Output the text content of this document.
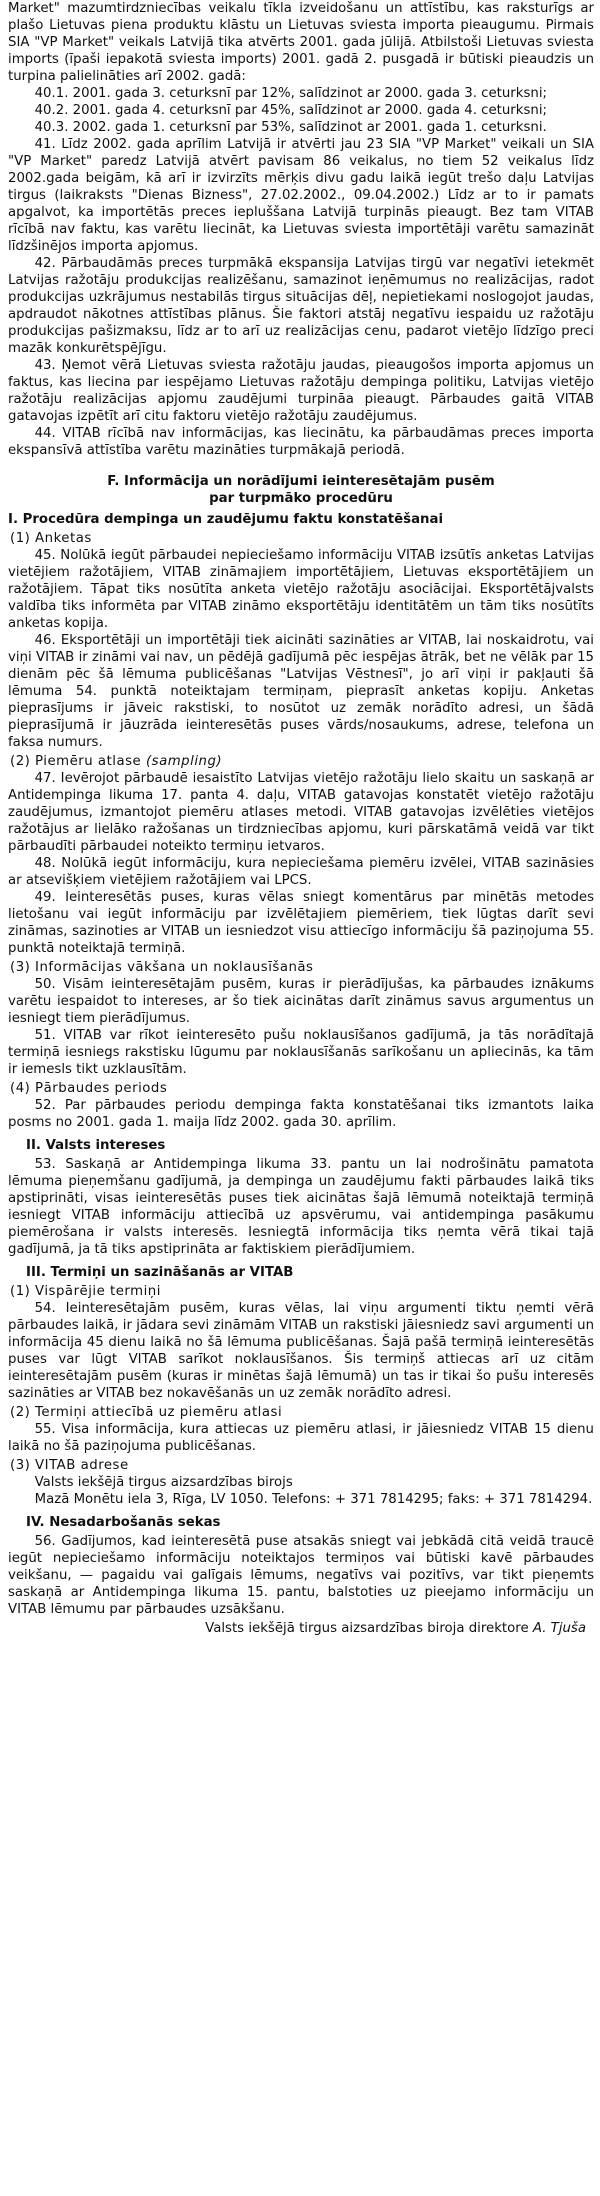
Market" mazumtirdzniecības veikalu tīkla izveidošanu un attīstību, kas raksturīgs ar plašo Lietuvas piena produktu klāstu un Lietuvas sviesta importa pieaugumu. Pirmais SIA "VP Market" veikals Latvijā tika atvērts 2001. gada jūlijā. Atbilstoši Lietuvas sviesta imports (īpaši iepakotā sviesta imports) 2001. gadā 2. pusgadā ir būtiski pieaudzis un turpina palielināties arī 2002. gadā:

40.1. 2001. gada 3. ceturksnī par 12%, salīdzinot ar 2000. gada 3. ceturksni;

40.2. 2001. gada 4. ceturksnī par 45%, salīdzinot ar 2000. gada 4. ceturksni;

40.3. 2002. gada 1. ceturksnī par 53%, salīdzinot ar 2001. gada 1. ceturksni.

41. Līdz 2002. gada aprīlim Latvijā ir atvērti jau 23 SIA "VP Market" veikali un SIA "VP Market" paredz Latvijā atvērt pavisam 86 veikalus, no tiem 52 veikalus līdz 2002.gada beigām, kā arī ir izvirzīts mērķis divu gadu laikā iegūt trešo daļu Latvijas tirgus (laikraksts "Dienas Bizness", 27.02.2002., 09.04.2002.) Līdz ar to ir pamats apgalvot, ka importētās preces iepluššana Latvijā turpinās pieaugt. Bez tam VITAB rīcībā nav faktu, kas varētu liecināt, ka Lietuvas sviesta importētāji varētu samazināt līdzšinējos importa apjomus.

42. Pārbaudāmās preces turpmākā ekspansija Latvijas tirgū var negatīvi ietekmēt Latvijas ražotāju produkcijas realizēšanu, samazinot ieņēmumus no realizācijas, radot produkcijas uzkrājumus nestabilās tirgus situācijas dēļ, nepietiekami noslogojot jaudas, apdraudot nākotnes attīstības plānus. Šie faktori atstāj negatīvu iespaidu uz ražotāju produkcijas pašizmaksu, līdz ar to arī uz realizācijas cenu, padarot vietējo līdzīgo preci mazāk konkurētspējīgu.

43. Ņemot vērā Lietuvas sviesta ražotāju jaudas, pieaugošos importa apjomus un faktus, kas liecina par iespējamo Lietuvas ražotāju dempinga politiku, Latvijas vietējo ražotāju realizācijas apjomu zaudējumi turpināa pieaugt. Pārbaudes gaitā VITAB gatavojas izpētīt arī citu faktoru vietējo ražotāju zaudējumus.

44. VITAB rīcībā nav informācijas, kas liecinātu, ka pārbaudāmas preces importa ekspansīvā attīstība varētu mazināties turpmākajā periodā.

F. Informācija un norādījumi ieinteresētajām pusēm
par turpmāko procedūru
I. Procedūra dempinga un zaudējumu faktu konstatēšanai
(1) Anketas

45. Nolūkā iegūt pārbaudei nepieciešamo informāciju VITAB izsūtīs anketas Latvijas vietējiem ražotājiem, VITAB zināmajiem importētājiem, Lietuvas eksportētājiem un ražotājiem. Tāpat tiks nosūtīta anketa vietējo ražotāju asociācijai. Eksportētājvalsts valdība tiks informēta par VITAB zināmo eksportētāju identitātēm un tām tiks nosūtīts anketas kopija.

46. Eksportētāji un importētāji tiek aicināti sazināties ar VITAB, lai noskaidrotu, vai viņi VITAB ir zināmi vai nav, un pēdējā gadījumā pēc iespējas ātrāk, bet ne vēlāk par 15 dienām pēc šā lēmuma publicēšanas "Latvijas Vēstnesī", jo arī viņi ir pakļauti šā lēmuma 54. punktā noteiktajam termiņam, pieprasīt anketas kopiju. Anketas pieprasījums ir jāveic rakstiski, to nosūtot uz zemāk norādīto adresi, un šādā pieprasījumā ir jāuzrāda ieinteresētās puses vārds/nosaukums, adrese, telefona un faksa numurs.

(2) Piemēru atlase (sampling)

47. Ievērojot pārbaudē iesaistīto Latvijas vietējo ražotāju lielo skaitu un saskaņā ar Antidempinga likuma 17. panta 4. daļu, VITAB gatavojas konstatēt vietējo ražotāju zaudējumus, izmantojot piemēru atlases metodi. VITAB gatavojas izvēlēties vietējos ražotājus ar lielāko ražošanas un tirdzniecības apjomu, kuri pārskatāmā veidā var tikt pārbaudīti pārbaudei noteikto termiņu ietvaros.

48. Nolūkā iegūt informāciju, kura nepieciešama piemēru izvēlei, VITAB sazināsies ar atsevišķiem vietējiem ražotājiem vai LPCS.

49. Ieinteresētās puses, kuras vēlas sniegt komentārus par minētās metodes lietošanu vai iegūt informāciju par izvēlētajiem piemēriem, tiek lūgtas darīt sevi zināmas, sazinoties ar VITAB un iesniedzot visu attiecīgo informāciju šā paziņojuma 55. punktā noteiktajā termiņā.

(3) Informācijas vākšana un noklausīšanās

50. Visām ieinteresētajām pusēm, kuras ir pierādījušas, ka pārbaudes iznākums varētu iespaidot to intereses, ar šo tiek aicinātas darīt zināmus savus argumentus un iesniegt tiem pierādījumus.

51. VITAB var rīkot ieinteresēto pušu noklausīšanos gadījumā, ja tās norādītajā termiņā iesniegs rakstisku lūgumu par noklausīšanās sarīkošanu un apliecinās, ka tām ir iemesls tikt uzklausītām.

(4) Pārbaudes periods

52. Par pārbaudes periodu dempinga fakta konstatēšanai tiks izmantots laika posms no 2001. gada 1. maija līdz 2002. gada 30. aprīlim.

II. Valsts intereses

53. Saskaņā ar Antidempinga likuma 33. pantu un lai nodrošinātu pamatota lēmuma pieņemšanu gadījumā, ja dempinga un zaudējumu fakti pārbaudes laikā tiks apstiprināti, visas ieinteresētās puses tiek aicinātas šajā lēmumā noteiktajā termiņā iesniegt VITAB informāciju attiecībā uz apsvērumu, vai antidempinga pasākumu piemērošana ir valsts interesēs. Iesniegtā informācija tiks ņemta vērā tikai tajā gadījumā, ja tā tiks apstiprināta ar faktiskiem pierādījumiem.

III. Termiņi un sazināšanās ar VITAB
(1) Vispārējie termiņi

54. Ieinteresētajām pusēm, kuras vēlas, lai viņu argumenti tiktu ņemti vērā pārbaudes laikā, ir jādara sevi zināmām VITAB un rakstiski jāiesniedz savi argumenti un informācija 45 dienu laikā no šā lēmuma publicēšanas. Šajā pašā termiņā ieinteresētās puses var lūgt VITAB sarīkot noklausīšanos. Šis termiņš attiecas arī uz citām ieinteresētajām pusēm (kuras ir minētas šajā lēmumā) un tas ir tikai šo pušu interesēs sazināties ar VITAB bez nokavēšanās un uz zemāk norādīto adresi.

(2) Termiņi attiecībā uz piemēru atlasi

55. Visa informācija, kura attiecas uz piemēru atlasi, ir jāiesniedz VITAB 15 dienu laikā no šā paziņojuma publicēšanas.

(3) VITAB adrese

Valsts iekšējā tirgus aizsardzības birojs

Mazā Monētu iela 3, Rīga, LV 1050. Telefons: + 371 7814295; faks: + 371 7814294.

IV. Nesadarbošanās sekas

56. Gadījumos, kad ieinteresētā puse atsakās sniegt vai jebkādā citā veidā traucē iegūt nepieciešamo informāciju noteiktajos termiņos vai būtiski kavē pārbaudes veikšanu, — pagaidu vai galīgais lēmums, negatīvs vai pozitīvs, var tikt pieņemts saskaņā ar Antidempinga likuma 15. pantu, balstoties uz pieejamo informāciju un VITAB lēmumu par pārbaudes uzsākšanu.

Valsts iekšējā tirgus aizsardzības biroja direktore A. Tjuša
